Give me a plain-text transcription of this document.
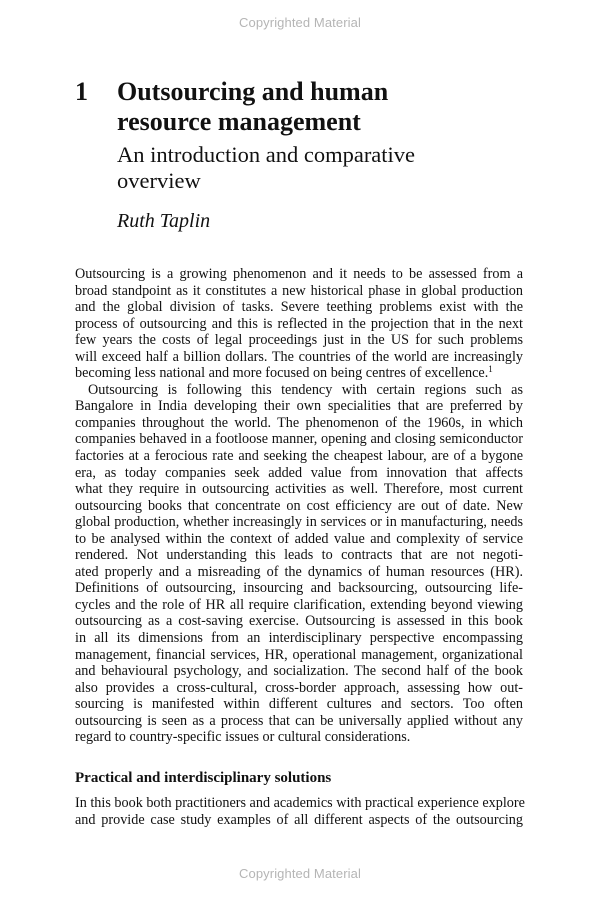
Copyrighted Material
1 Outsourcing and human
resource management
An introduction and comparative
overview
Ruth Taplin
Outsourcing is a growing phenomenon and it needs to be assessed from a
broad standpoint as it constitutes a new historical phase in global production
and the global division of tasks. Severe teething problems exist with the
process of outsourcing and this is reflected in the projection that in the next
few years the costs of legal proceedings just in the US for such problems
will exceed half a billion dollars. The countries of the world are increasingly
becoming less national and more focused on being centres of excellence.$^1$
Outsourcing is following this tendency with certain regions such as
Bangalore in India developing their own specialities that are preferred by
companies throughout the world. The phenomenon of the 1960s, in which
companies behaved in a footloose manner, opening and closing semiconductor
factories at a ferocious rate and seeking the cheapest labour, are of a bygone
era, as today companies seek added value from innovation that affects
what they require in outsourcing activities as well. Therefore, most current
outsourcing books that concentrate on cost efficiency are out of date. New
global production, whether increasingly in services or in manufacturing, needs
to be analysed within the context of added value and complexity of service
rendered. Not understanding this leads to contracts that are not negoti-
ated properly and a misreading of the dynamics of human resources (HR).
Definitions of outsourcing, insourcing and backsourcing, outsourcing life-
cycles and the role of HR all require clarification, extending beyond viewing
outsourcing as a cost-saving exercise. Outsourcing is assessed in this book
in all its dimensions from an interdisciplinary perspective encompassing
management, financial services, HR, operational management, organizational
and behavioural psychology, and socialization. The second half of the book
also provides a cross-cultural, cross-border approach, assessing how out-
sourcing is manifested within different cultures and sectors. Too often
outsourcing is seen as a process that can be universally applied without any
regard to country-specific issues or cultural considerations.
Practical and interdisciplinary solutions
In this book both practitioners and academics with practical experience explore
and provide case study examples of all different aspects of the outsourcing
Copyrighted Material
